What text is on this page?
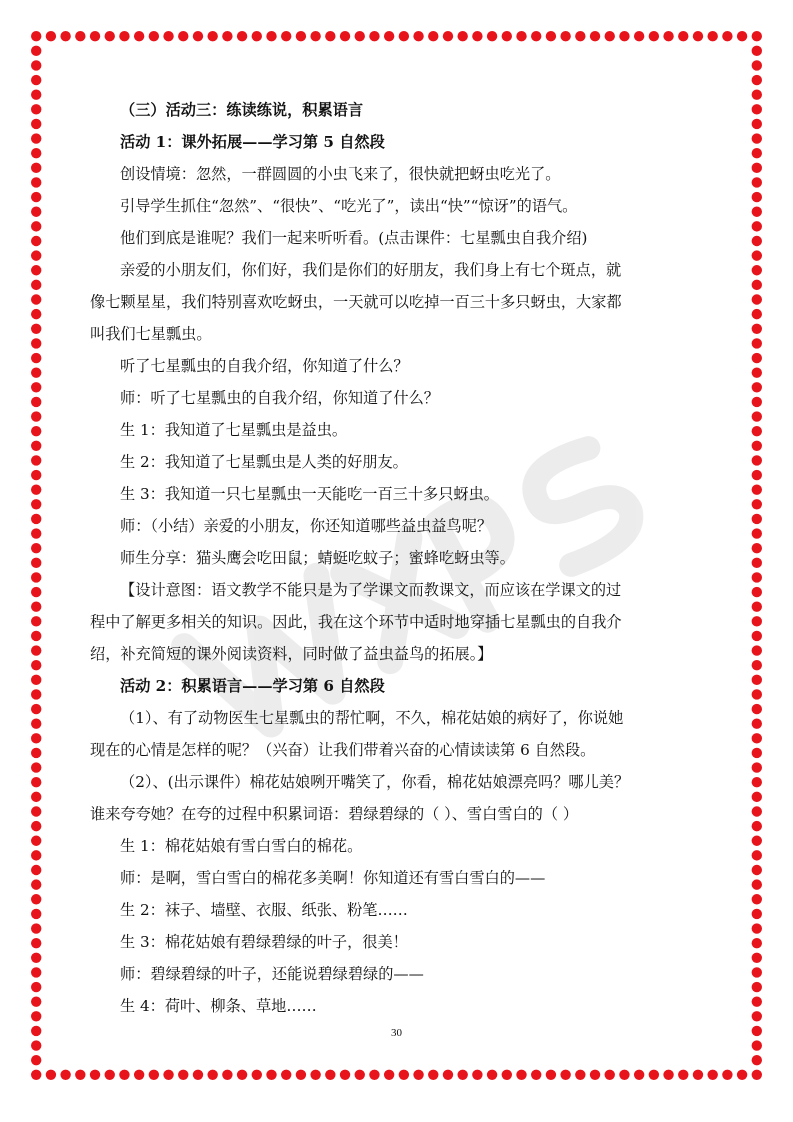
（三）活动三：练读练说，积累语言
活动 1：课外拓展——学习第 5 自然段
创设情境：忽然，一群圆圆的小虫飞来了，很快就把蚜虫吃光了。
引导学生抓住“忽然”、“很快”、“吃光了”，读出“快”“惊讶”的语气。
他们到底是谁呢？我们一起来听听看。(点击课件：七星瓢虫自我介绍)
亲爱的小朋友们，你们好，我们是你们的好朋友，我们身上有七个斑点，就
像七颗星星，我们特别喜欢吃蚜虫，一天就可以吃掉一百三十多只蚜虫，大家都
叫我们七星瓢虫。
听了七星瓢虫的自我介绍，你知道了什么？
师：听了七星瓢虫的自我介绍，你知道了什么？
生 1：我知道了七星瓢虫是益虫。
生 2：我知道了七星瓢虫是人类的好朋友。
生 3：我知道一只七星瓢虫一天能吃一百三十多只蚜虫。
师：（小结）亲爱的小朋友，你还知道哪些益虫益鸟呢？
师生分享：猫头鹰会吃田鼠；蜻蜓吃蚊子；蜜蜂吃蚜虫等。
【设计意图：语文教学不能只是为了学课文而教课文，而应该在学课文的过
程中了解更多相关的知识。因此，我在这个环节中适时地穿插七星瓢虫的自我介
绍，补充简短的课外阅读资料，同时做了益虫益鸟的拓展。】
活动 2：积累语言——学习第 6 自然段
（1）、有了动物医生七星瓢虫的帮忙啊，不久，棉花姑娘的病好了，你说她
现在的心情是怎样的呢？（兴奋）让我们带着兴奋的心情读读第 6 自然段。
（2）、(出示课件）棉花姑娘咧开嘴笑了，你看，棉花姑娘漂亮吗？哪儿美？
谁来夸夸她？在夸的过程中积累词语：碧绿碧绿的（ ）、雪白雪白的（ ）
生 1：棉花姑娘有雪白雪白的棉花。
师：是啊，雪白雪白的棉花多美啊！你知道还有雪白雪白的——
生 2：袜子、墙壁、衣服、纸张、粉笔……
生 3：棉花姑娘有碧绿碧绿的叶子，很美！
师：碧绿碧绿的叶子，还能说碧绿碧绿的——
生 4：荷叶、柳条、草地……
30
